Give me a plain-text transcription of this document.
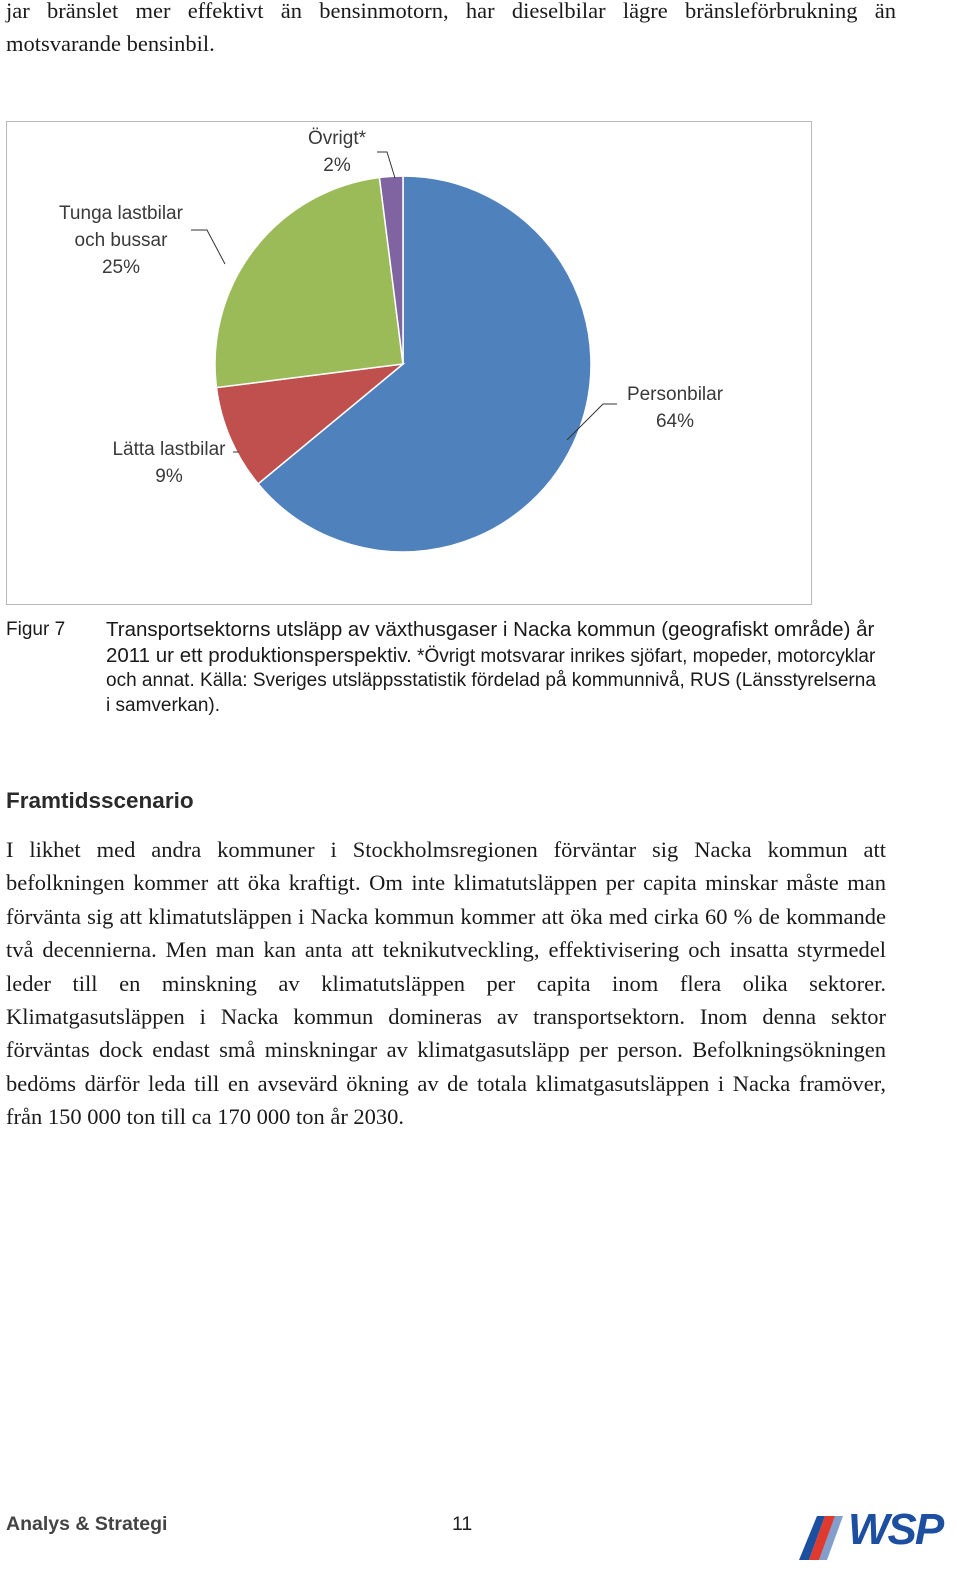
jar bränslet mer effektivt än bensinmotorn, har dieselbilar lägre bränsleförbrukning än motsvarande bensinbil.
Personbilar
64%
Lätta lastbilar
9%
Tunga lastbilar
och bussar
25%
Övrigt*
2%
Figur 7 Transportsektorns utsläpp av växthusgaser i Nacka kommun (geografiskt område) år 2011 ur ett produktionsperspektiv. *Övrigt motsvarar inrikes sjöfart, mopeder, motorcyklar och annat. Källa: Sveriges utsläppsstatistik fördelad på kommunnivå, RUS (Länsstyrelserna i samverkan).
Framtidsscenario

I likhet med andra kommuner i Stockholmsregionen förväntar sig Nacka kommun att befolkningen kommer att öka kraftigt. Om inte klimatutsläppen per capita minskar måste man förvänta sig att klimatutsläppen i Nacka kommun kommer att öka med cirka 60 % de kommande två decennierna. Men man kan anta att teknikutveckling, effektivisering och insatta styrmedel leder till en minskning av klimatutsläppen per capita inom flera olika sektorer. Klimatgasutsläppen i Nacka kommun domineras av transportsektorn. Inom denna sektor förväntas dock endast små minskningar av klimatgasutsläpp per person. Befolkningsökningen bedöms därför leda till en avsevärd ökning av de totala klimatgasutsläppen i Nacka framöver, från 150 000 ton till ca 170 000 ton år 2030.

Analys & Strategi	11	WSP
